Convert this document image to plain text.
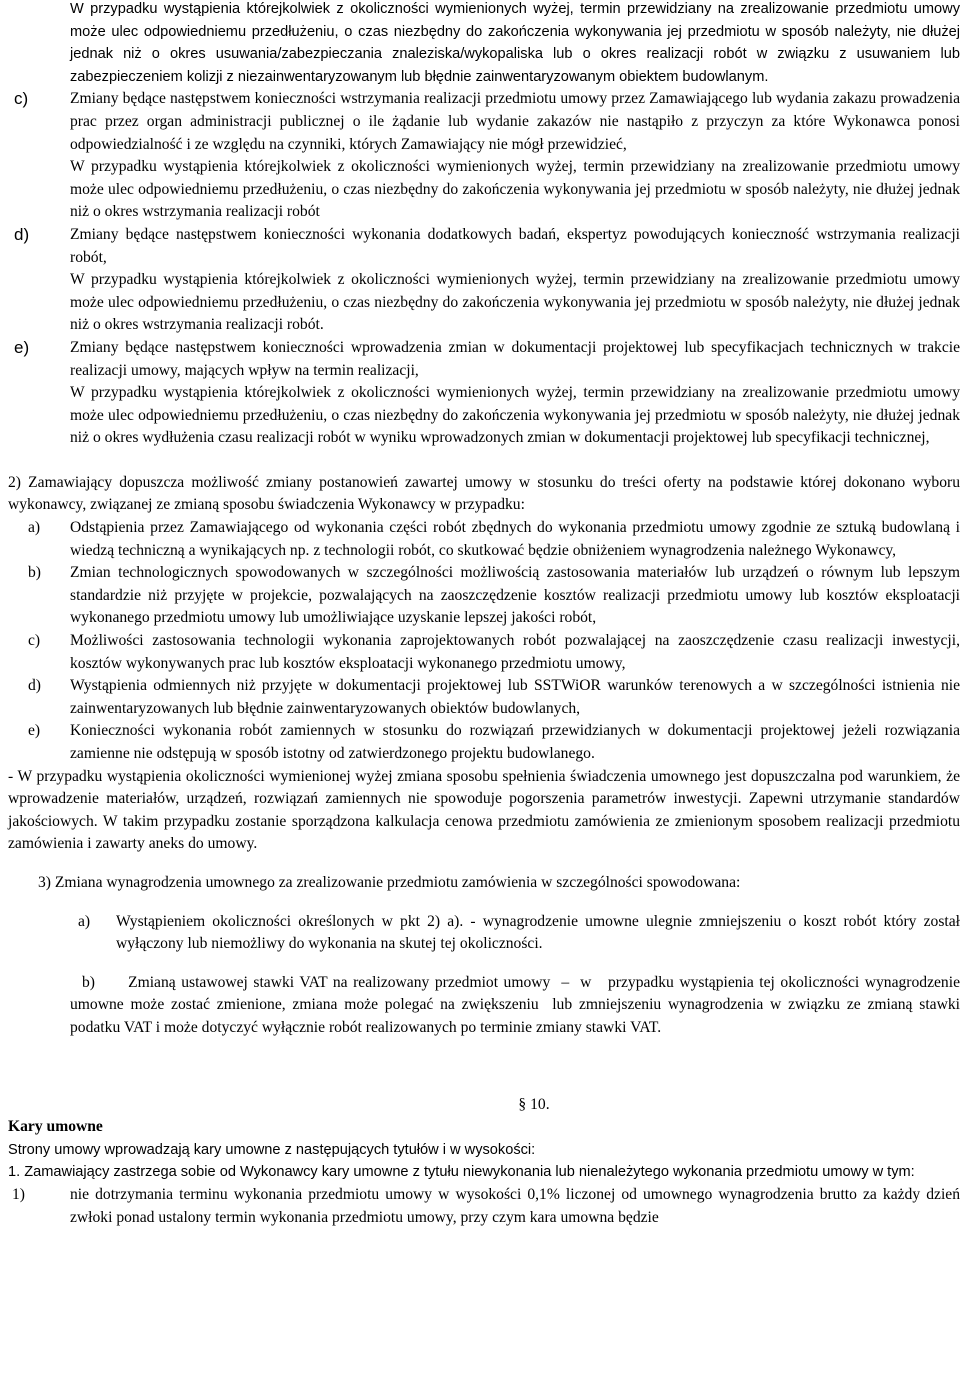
W przypadku wystąpienia którejkolwiek z okoliczności wymienionych wyżej, termin przewidziany na zrealizowanie przedmiotu umowy może ulec odpowiedniemu przedłużeniu, o czas niezbędny do zakończenia wykonywania jej przedmiotu w sposób należyty, nie dłużej jednak niż o okres usuwania/zabezpieczania znaleziska/wykopaliska lub o okres realizacji robót w związku z usuwaniem lub zabezpieczeniem kolizji z niezainwentaryzowanym lub błędnie zainwentaryzowanym obiektem budowlanym.
c)	Zmiany będące następstwem konieczności wstrzymania realizacji przedmiotu umowy przez Zamawiającego lub wydania zakazu prowadzenia prac przez organ administracji publicznej o ile żądanie lub wydanie zakazów nie nastąpiło z przyczyn za które Wykonawca ponosi odpowiedzialność i ze względu na czynniki, których Zamawiający nie mógł przewidzieć,
W przypadku wystąpienia którejkolwiek z okoliczności wymienionych wyżej, termin przewidziany na zrealizowanie przedmiotu umowy może ulec odpowiedniemu przedłużeniu, o czas niezbędny do zakończenia wykonywania jej przedmiotu w sposób należyty, nie dłużej jednak niż o okres wstrzymania realizacji robót
d)	Zmiany będące następstwem konieczności wykonania dodatkowych badań, ekspertyz powodujących konieczność wstrzymania realizacji robót,
W przypadku wystąpienia którejkolwiek z okoliczności wymienionych wyżej, termin przewidziany na zrealizowanie przedmiotu umowy może ulec odpowiedniemu przedłużeniu, o czas niezbędny do zakończenia wykonywania jej przedmiotu w sposób należyty, nie dłużej jednak niż o okres wstrzymania realizacji robót.
e)	Zmiany będące następstwem konieczności wprowadzenia zmian w dokumentacji projektowej lub specyfikacjach technicznych w trakcie realizacji umowy, mających wpływ na termin realizacji,
W przypadku wystąpienia którejkolwiek z okoliczności wymienionych wyżej, termin przewidziany na zrealizowanie przedmiotu umowy może ulec odpowiedniemu przedłużeniu, o czas niezbędny do zakończenia wykonywania jej przedmiotu w sposób należyty, nie dłużej jednak niż o okres wydłużenia czasu realizacji robót w wyniku wprowadzonych zmian w dokumentacji projektowej lub specyfikacji technicznej,
2) Zamawiający dopuszcza możliwość zmiany postanowień zawartej umowy w stosunku do treści oferty na podstawie której dokonano wyboru wykonawcy, związanej ze zmianą sposobu świadczenia Wykonawcy w przypadku:
a) Odstąpienia przez Zamawiającego od wykonania części robót zbędnych do wykonania przedmiotu umowy zgodnie ze sztuką budowlaną i wiedzą techniczną a wynikających np. z technologii robót, co skutkować będzie obniżeniem wynagrodzenia należnego Wykonawcy,
b) Zmian technologicznych spowodowanych w szczególności możliwością zastosowania materiałów lub urządzeń o równym lub lepszym standardzie niż przyjęte w projekcie, pozwalających na zaoszczędzenie kosztów realizacji przedmiotu umowy lub kosztów eksploatacji wykonanego przedmiotu umowy lub umożliwiające uzyskanie lepszej jakości robót,
c) Możliwości zastosowania technologii wykonania zaprojektowanych robót pozwalającej na zaoszczędzenie czasu realizacji inwestycji, kosztów wykonywanych prac lub kosztów eksploatacji wykonanego przedmiotu umowy,
d) Wystąpienia odmiennych niż przyjęte w dokumentacji projektowej lub SSTWiOR warunków terenowych a w szczególności istnienia nie zainwentaryzowanych lub błędnie zainwentaryzowanych obiektów budowlanych,
e) Konieczności wykonania robót zamiennych w stosunku do rozwiązań przewidzianych w dokumentacji projektowej jeżeli rozwiązania zamienne nie odstępują w sposób istotny od zatwierdzonego projektu budowlanego.
- W przypadku wystąpienia okoliczności wymienionej wyżej zmiana sposobu spełnienia świadczenia umownego jest dopuszczalna pod warunkiem, że wprowadzenie materiałów, urządzeń, rozwiązań zamiennych nie spowoduje pogorszenia parametrów inwestycji. Zapewni utrzymanie standardów jakościowych. W takim przypadku zostanie sporządzona kalkulacja cenowa przedmiotu zamówienia ze zmienionym sposobem realizacji przedmiotu zamówienia i zawarty aneks do umowy.
3) Zmiana wynagrodzenia umownego za zrealizowanie przedmiotu zamówienia w szczególności spowodowana:
a) Wystąpieniem okoliczności określonych w pkt 2) a). - wynagrodzenie umowne ulegnie zmniejszeniu o koszt robót który został wyłączony lub niemożliwy do wykonania na skutej tej okoliczności.
b)      Zmianą ustawowej stawki VAT na realizowany przedmiot umowy  –  w   przypadku wystąpienia tej okoliczności wynagrodzenie umowne może zostać zmienione, zmiana może polegać na zwiększeniu  lub zmniejszeniu wynagrodzenia w związku ze zmianą stawki podatku VAT i może dotyczyć wyłącznie robót realizowanych po terminie zmiany stawki VAT.
§ 10.
Kary umowne
Strony umowy wprowadzają kary umowne z następujących tytułów i w wysokości:
1. Zamawiający zastrzega sobie od Wykonawcy kary umowne z tytułu niewykonania lub nienależytego wykonania przedmiotu umowy w tym:
1)	nie dotrzymania terminu wykonania przedmiotu umowy w wysokości 0,1% liczonej od umownego wynagrodzenia brutto za każdy dzień zwłoki ponad ustalony termin wykonania przedmiotu umowy, przy czym kara umowna będzie
